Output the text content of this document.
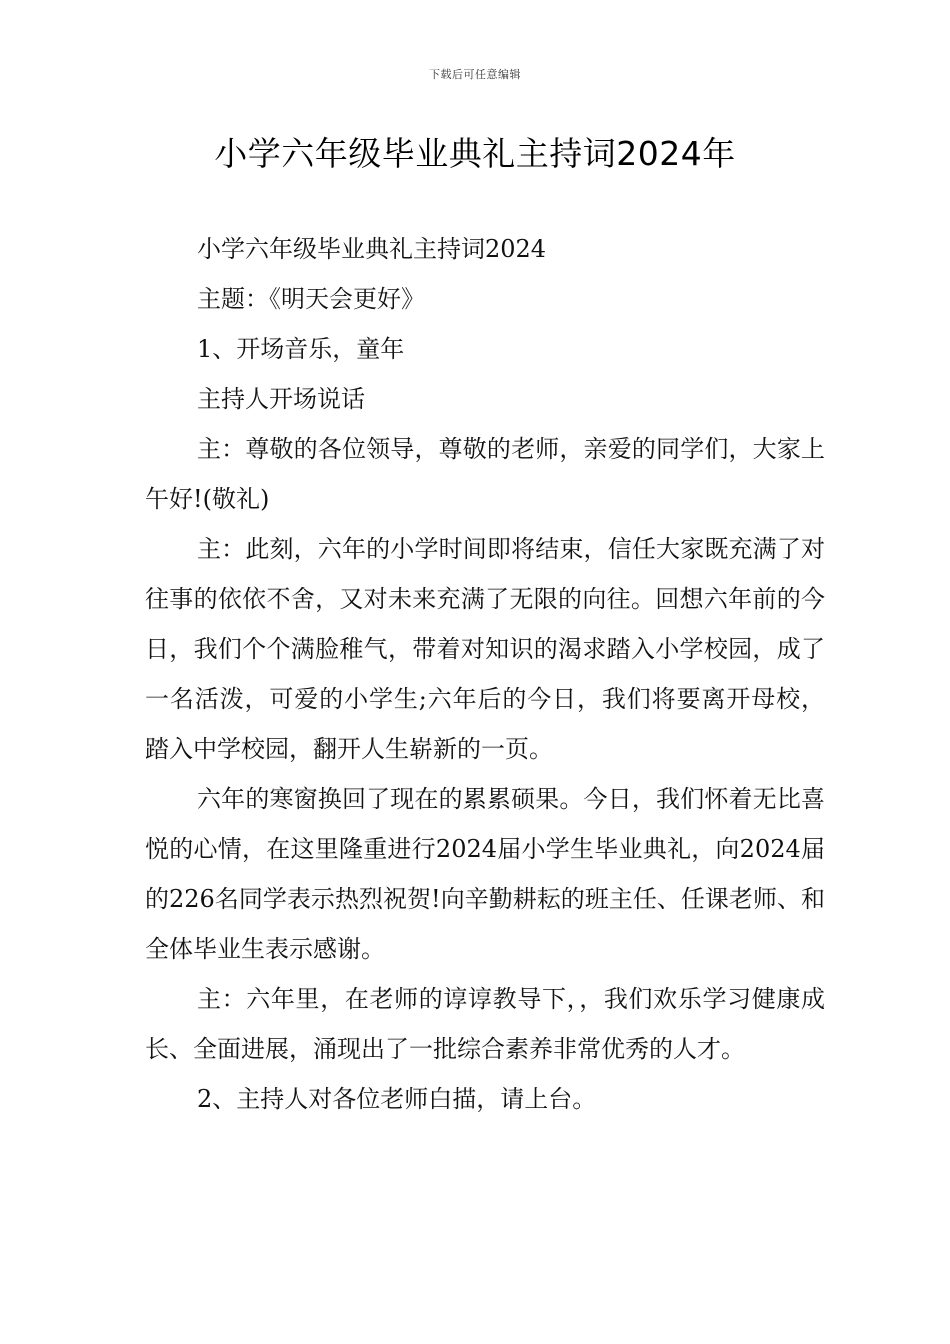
下载后可任意编辑
小学六年级毕业典礼主持词2024年

小学六年级毕业典礼主持词2024

主题：《明天会更好》

1、开场音乐，童年

主持人开场说话

主：尊敬的各位领导，尊敬的老师，亲爱的同学们，大家上午好!(敬礼)

主：此刻，六年的小学时间即将结束，信任大家既充满了对往事的依依不舍，又对未来充满了无限的向往。回想六年前的今日，我们个个满脸稚气，带着对知识的渴求踏入小学校园，成了一名活泼，可爱的小学生;六年后的今日，我们将要离开母校，踏入中学校园，翻开人生崭新的一页。

六年的寒窗换回了现在的累累硕果。今日，我们怀着无比喜悦的心情，在这里隆重进行2024届小学生毕业典礼，向2024届的226名同学表示热烈祝贺!向辛勤耕耘的班主任、任课老师、和全体毕业生表示感谢。

主：六年里，在老师的谆谆教导下，，我们欢乐学习健康成长、全面进展，涌现出了一批综合素养非常优秀的人才。

2、主持人对各位老师白描，请上台。
